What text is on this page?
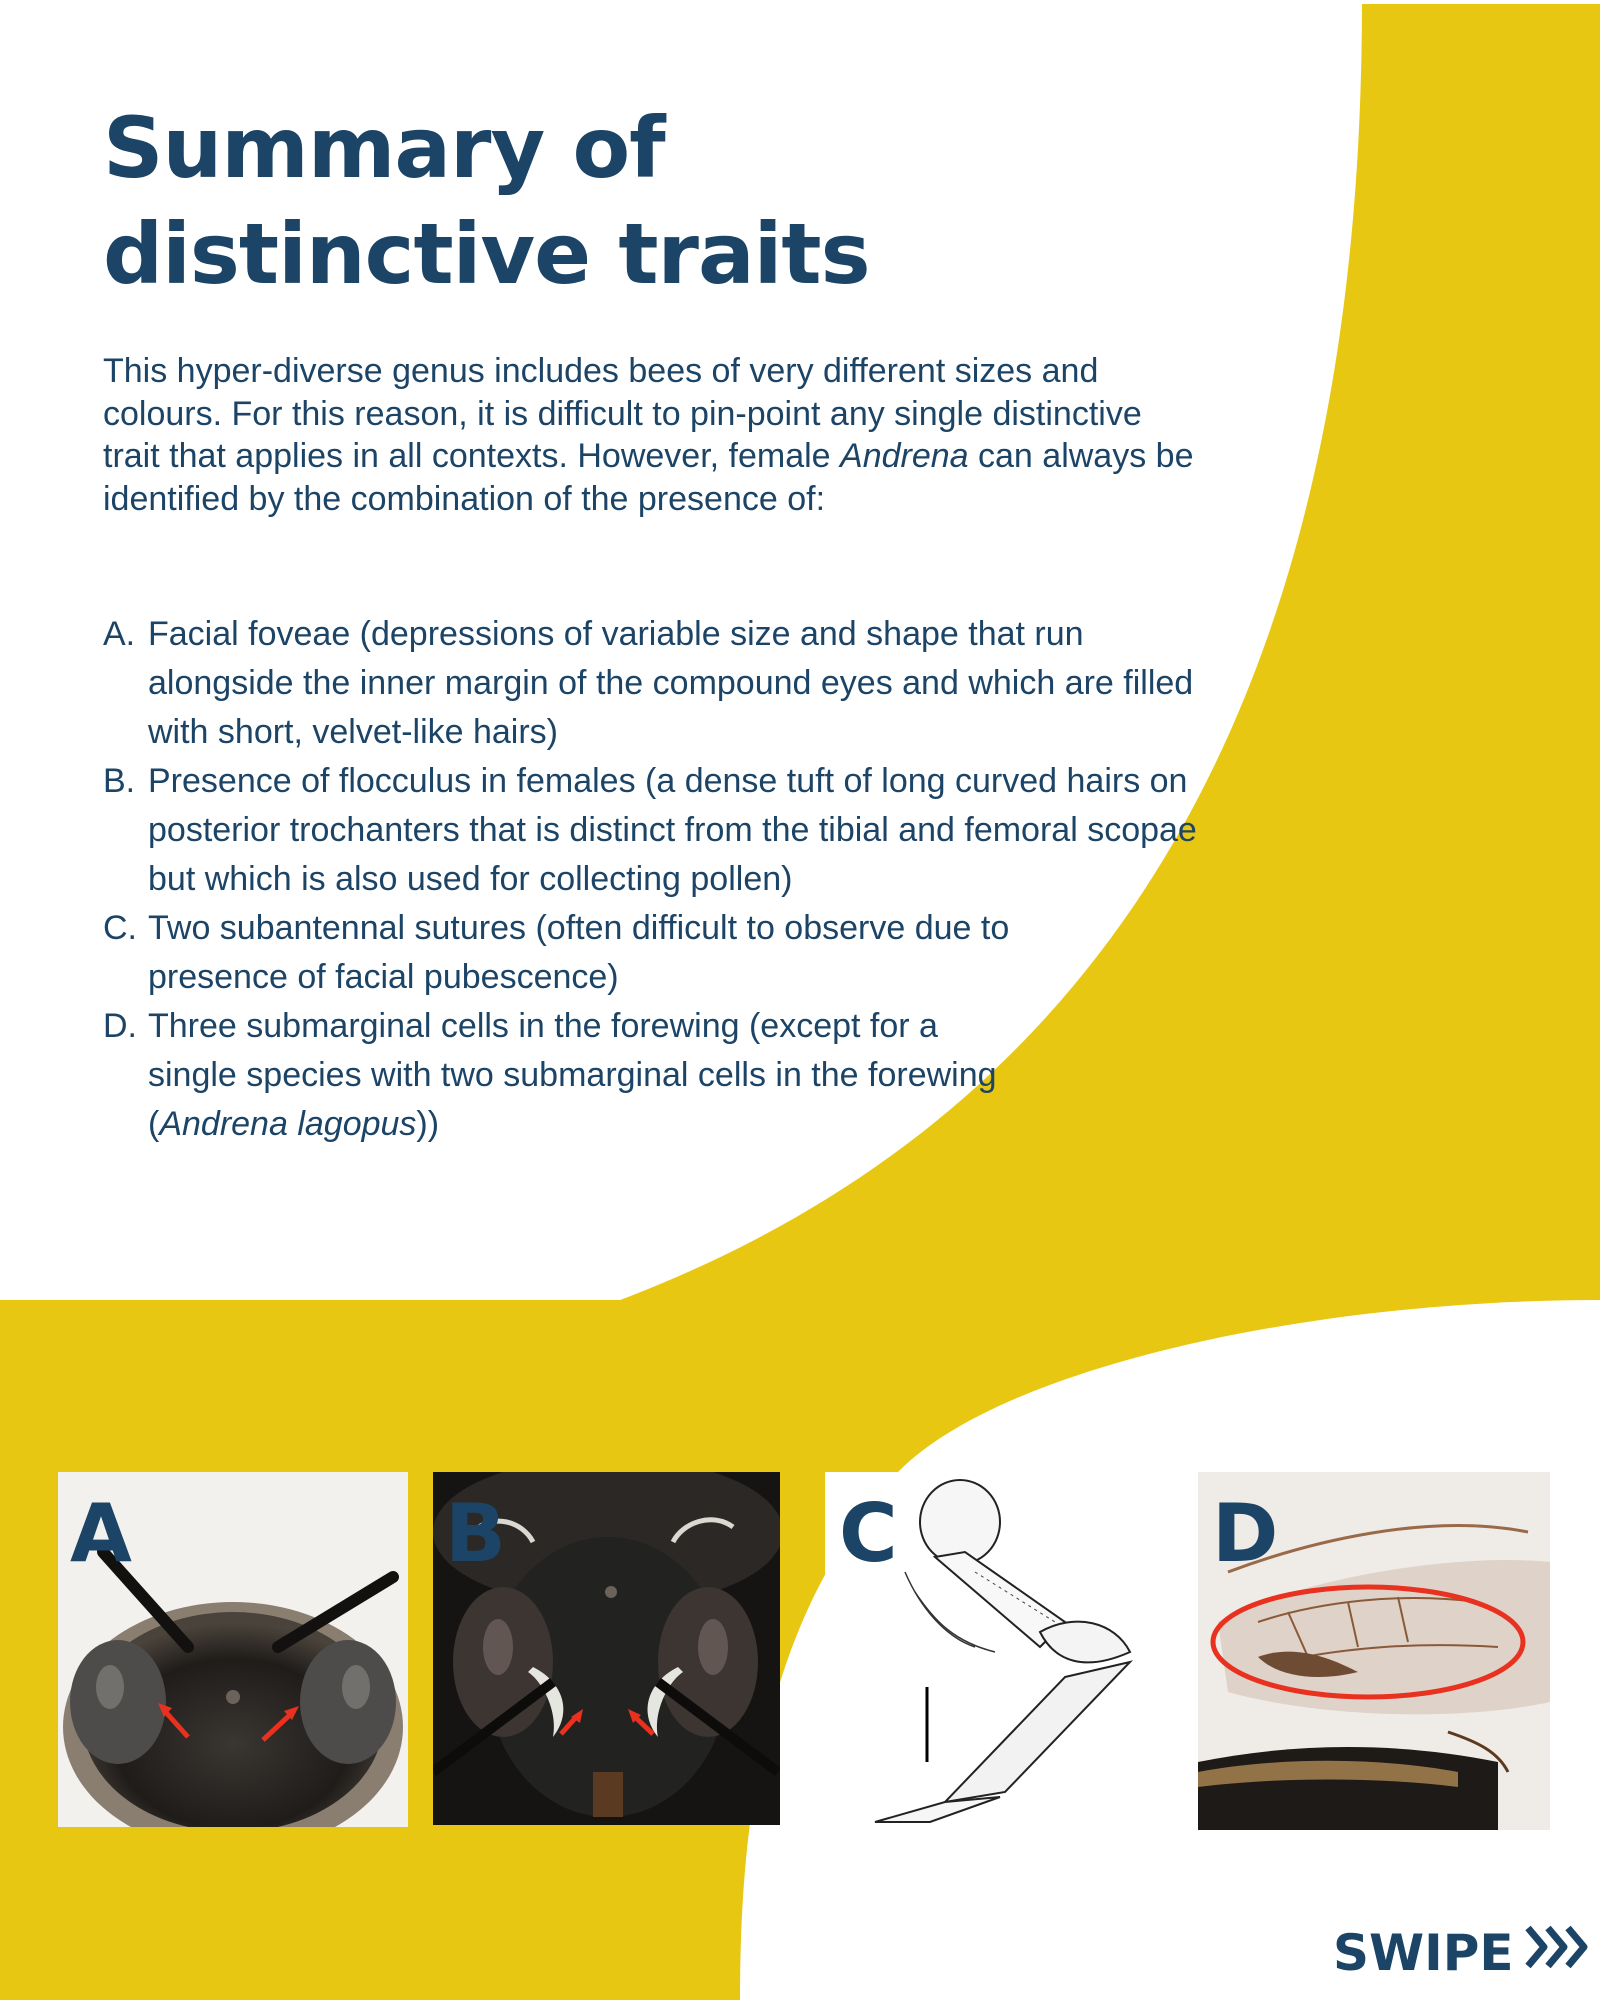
Summary of
distinctive traits

This hyper-diverse genus includes bees of very different sizes and colours. For this reason, it is difficult to pin-point any single distinctive trait that applies in all contexts. However, female Andrena can always be identified by the combination of the presence of:

A. Facial foveae (depressions of variable size and shape that run alongside the inner margin of the compound eyes and which are filled with short, velvet-like hairs)
B. Presence of flocculus in females (a dense tuft of long curved hairs on posterior trochanters that is distinct from the tibial and femoral scopae but which is also used for collecting pollen)
C. Two subantennal sutures (often difficult to observe due to presence of facial pubescence)
D. Three submarginal cells in the forewing (except for a single species with two submarginal cells in the forewing (Andrena lagopus))
A	B	C	D
SWIPE
